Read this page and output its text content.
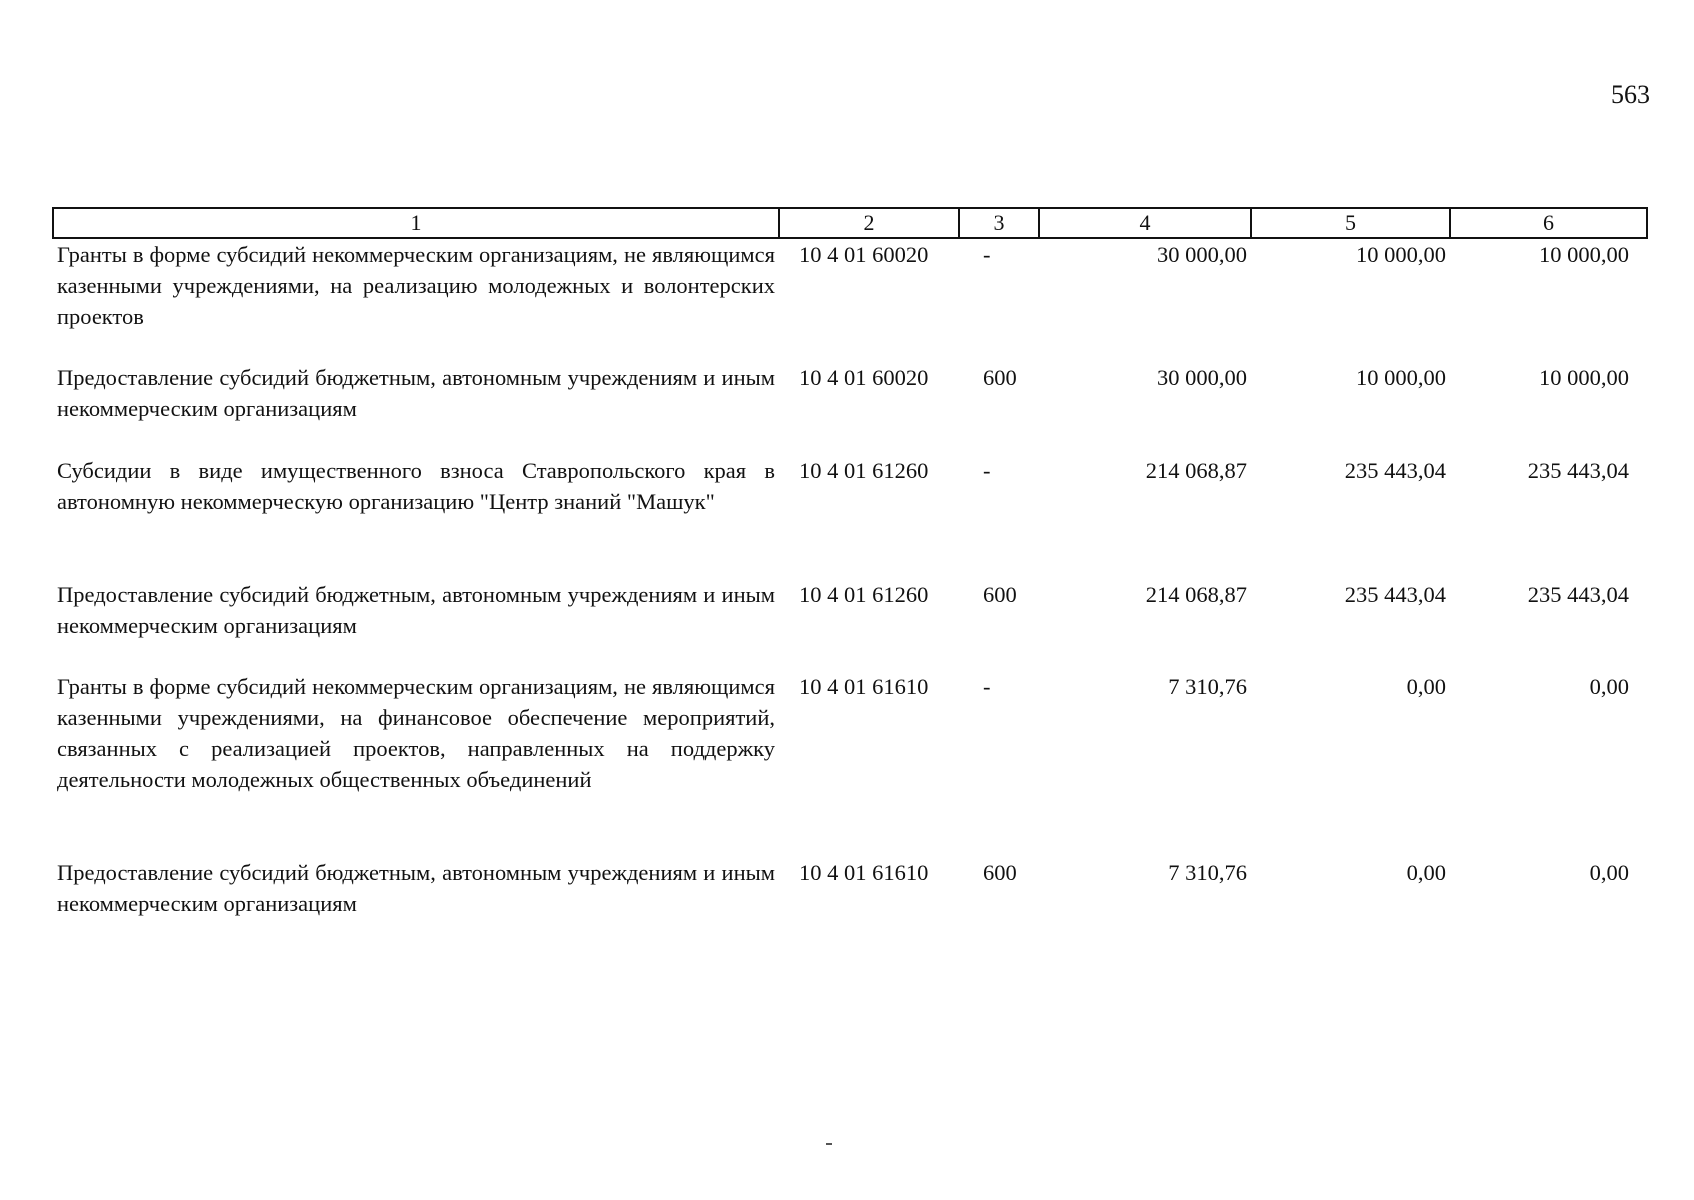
563
1	2	3	4	5	6
Гранты в форме субсидий некоммерческим организациям, не являющимся казенными учреждениями, на реализацию молодежных и волонтерских проектов	10 4 01 60020	-	30 000,00	10 000,00	10 000,00
Предоставление субсидий бюджетным, автономным учреждениям и иным некоммерческим организациям	10 4 01 60020	600	30 000,00	10 000,00	10 000,00
Субсидии в виде имущественного взноса Ставропольского края в автономную некоммерческую организацию "Центр знаний "Машук"	10 4 01 61260	-	214 068,87	235 443,04	235 443,04
Предоставление субсидий бюджетным, автономным учреждениям и иным некоммерческим организациям	10 4 01 61260	600	214 068,87	235 443,04	235 443,04
Гранты в форме субсидий некоммерческим организациям, не являющимся казенными учреждениями, на финансовое обеспечение мероприятий, связанных с реализацией проектов, направленных на поддержку деятельности молодежных общественных объединений	10 4 01 61610	-	7 310,76	0,00	0,00
Предоставление субсидий бюджетным, автономным учреждениям и иным некоммерческим организациям	10 4 01 61610	600	7 310,76	0,00	0,00
